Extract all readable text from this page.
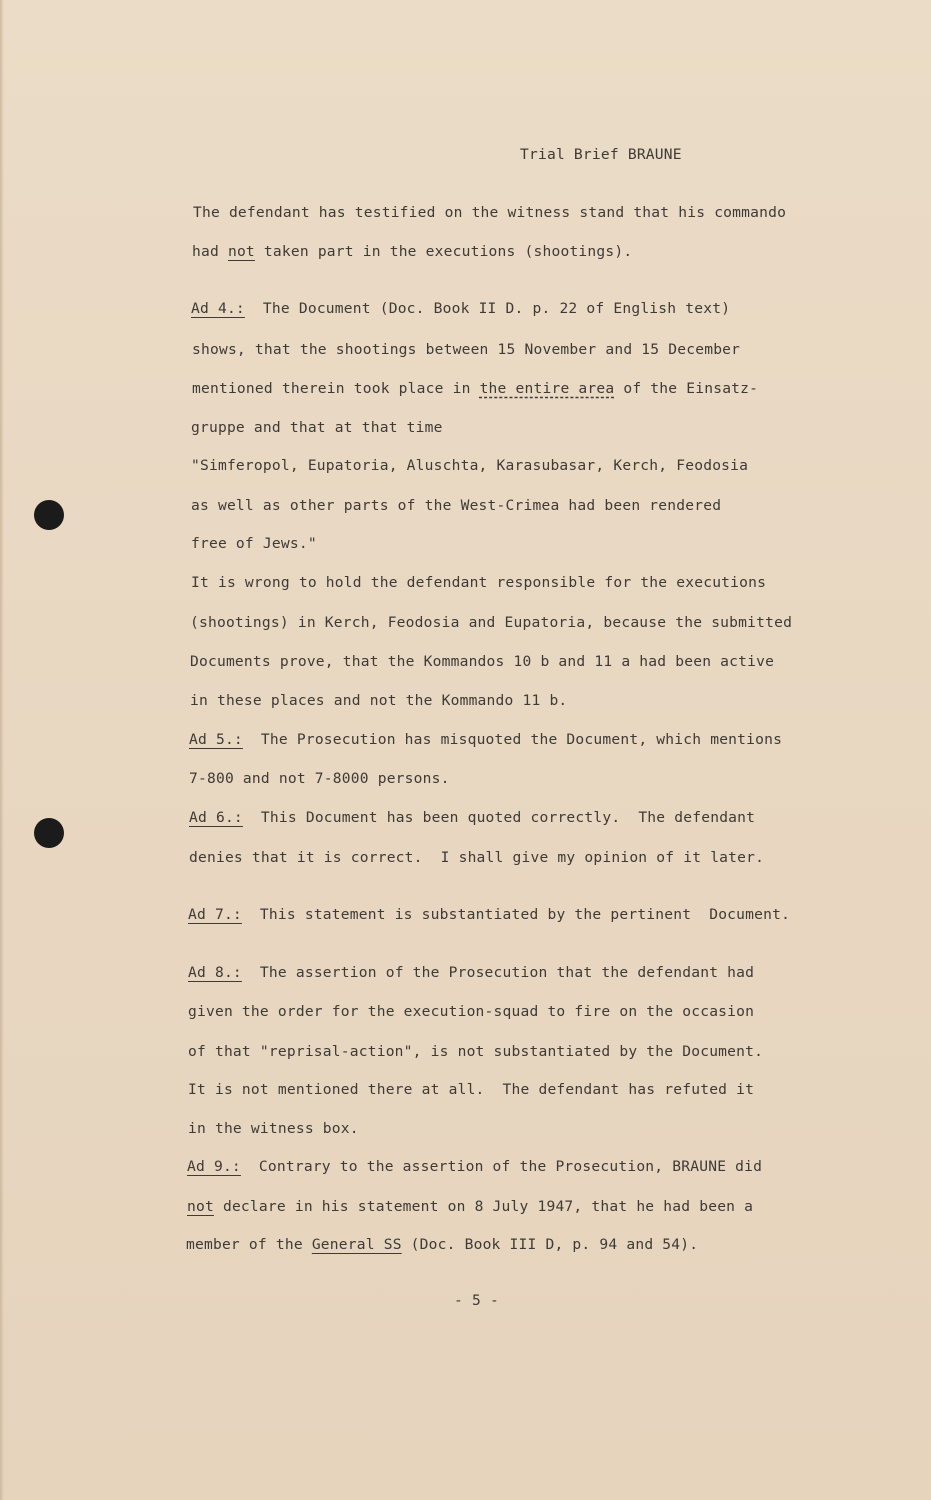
Trial Brief BRAUNE
The defendant has testified on the witness stand that his commando
had not taken part in the executions (shootings).
Ad 4.: The Document (Doc. Book II D. p. 22 of English text)
shows, that the shootings between 15 November and 15 December
mentioned therein took place in the entire area of the Einsatz-
gruppe and that at that time
"Simferopol, Eupatoria, Aluschta, Karasubasar, Kerch, Feodosia
as well as other parts of the West-Crimea had been rendered
free of Jews."
It is wrong to hold the defendant responsible for the executions
(shootings) in Kerch, Feodosia and Eupatoria, because the submitted
Documents prove, that the Kommandos 10 b and 11 a had been active
in these places and not the Kommando 11 b.
Ad 5.: The Prosecution has misquoted the Document, which mentions
7-800 and not 7-8000 persons.
Ad 6.: This Document has been quoted correctly.  The defendant
denies that it is correct.  I shall give my opinion of it later.
Ad 7.: This statement is substantiated by the pertinent  Document.
Ad 8.: The assertion of the Prosecution that the defendant had
given the order for the execution-squad to fire on the occasion
of that "reprisal-action", is not substantiated by the Document.
It is not mentioned there at all.  The defendant has refuted it
in the witness box.
Ad 9.: Contrary to the assertion of the Prosecution, BRAUNE did
not declare in his statement on 8 July 1947, that he had been a
member of the General SS (Doc. Book III D, p. 94 and 54).
- 5 -
